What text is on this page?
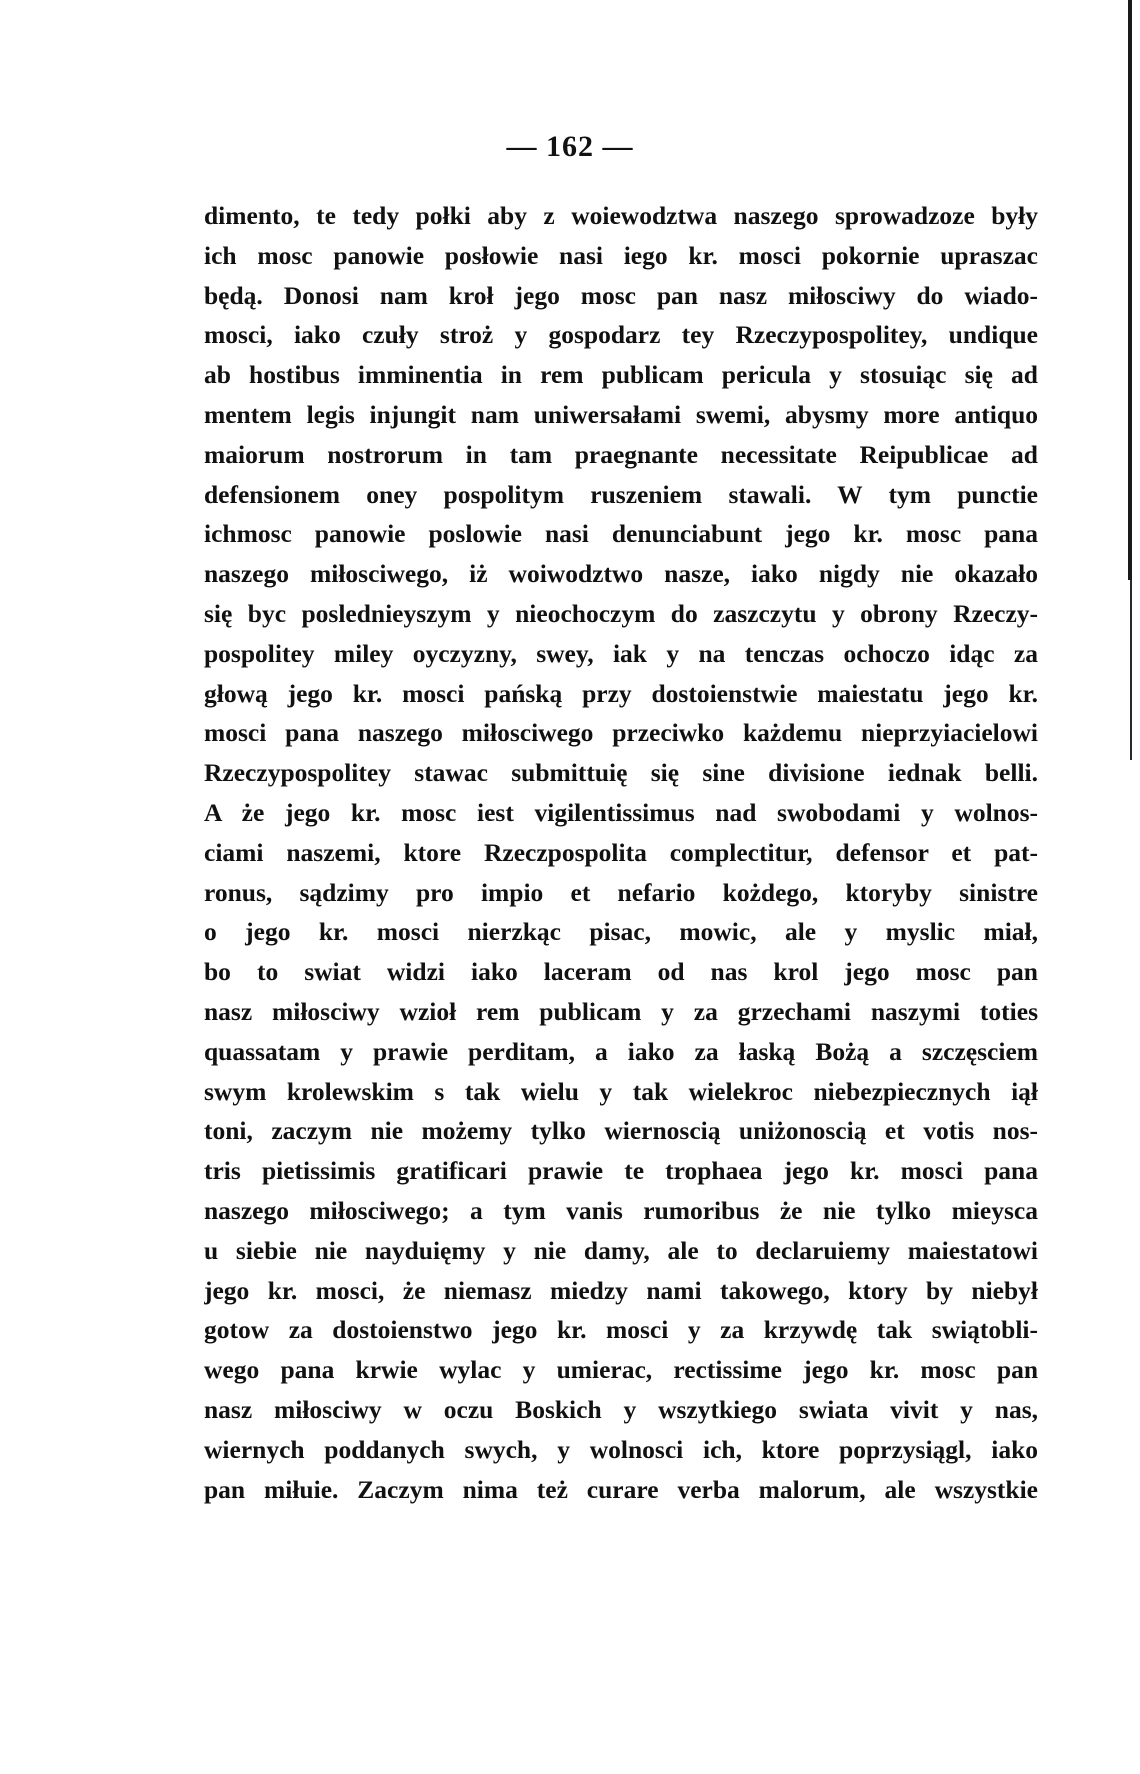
— 162 —
dimento, te tedy połki aby z woiewodztwa naszego sprowadzoze były
ich mosc panowie posłowie nasi iego kr. mosci pokornie upraszac
będą. Donosi nam kroł jego mosc pan nasz miłosciwy do wiado-
mosci, iako czuły stroż y gospodarz tey Rzeczypospolitey, undique
ab hostibus imminentia in rem publicam pericula y stosuiąc się ad
mentem legis injungit nam uniwersałami swemi, abysmy more antiquo
maiorum nostrorum in tam praegnante necessitate Reipublicae ad
defensionem oney pospolitym ruszeniem stawali. W tym punctie
ichmosc panowie poslowie nasi denunciabunt jego kr. mosc pana
naszego miłosciwego, iż woiwodztwo nasze, iako nigdy nie okazało
się byc poslednieyszym y nieochoczym do zaszczytu y obrony Rzeczy-
pospolitey miley oyczyzny, swey, iak y na tenczas ochoczo idąc za
głową jego kr. mosci pańską przy dostoienstwie maiestatu jego kr.
mosci pana naszego miłosciwego przeciwko każdemu nieprzyiacielowi
Rzeczypospolitey stawac submittuię się sine divisione iednak belli.
A że jego kr. mosc iest vigilentissimus nad swobodami y wolnos-
ciami naszemi, ktore Rzeczpospolita complectitur, defensor et pat-
ronus, sądzimy pro impio et nefario kożdego, ktoryby sinistre
o jego kr. mosci nierzkąc pisac, mowic, ale y myslic miał,
bo to swiat widzi iako laceram od nas krol jego mosc pan
nasz miłosciwy wzioł rem publicam y za grzechami naszymi toties
quassatam y prawie perditam, a iako za łaską Bożą a szczęsciem
swym krolewskim s tak wielu y tak wielekroc niebezpiecznych iął
toni, zaczym nie możemy tylko wiernoscią uniżonoscią et votis nos-
tris pietissimis gratificari prawie te trophaea jego kr. mosci pana
naszego miłosciwego; a tym vanis rumoribus że nie tylko mieysca
u siebie nie nayduięmy y nie damy, ale to declaruiemy maiestatowi
jego kr. mosci, że niemasz miedzy nami takowego, ktory by niebył
gotow za dostoienstwo jego kr. mosci y za krzywdę tak swiątobli-
wego pana krwie wylac y umierac, rectissime jego kr. mosc pan
nasz miłosciwy w oczu Boskich y wszytkiego swiata vivit y nas,
wiernych poddanych swych, y wolnosci ich, ktore poprzysiągl, iako
pan miłuie. Zaczym nima też curare verba malorum, ale wszystkie
